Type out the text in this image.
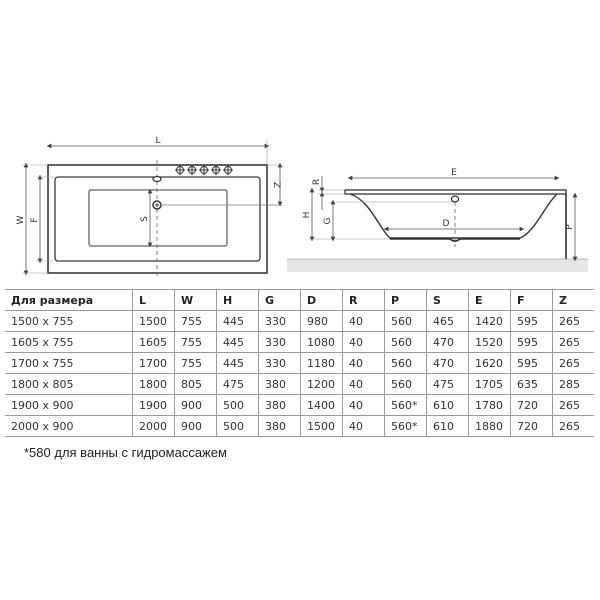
L
W F	S
Z
E
D
R
H
G
P
Для размера	L	W	H	G	D	R	P	S	E	F	Z
1500 x 755	1500	755	445	330	980	40	560	465	1420	595	265
1605 x 755	1605	755	445	330	1080	40	560	470	1520	595	265
1700 x 755	1700	755	445	330	1180	40	560	470	1620	595	265
1800 x 805	1800	805	475	380	1200	40	560	475	1705	635	285
1900 x 900	1900	900	500	380	1400	40	560*	610	1780	720	265
2000 x 900	2000	900	500	380	1500	40	560*	610	1880	720	265
*580 для ванны с гидромассажем
